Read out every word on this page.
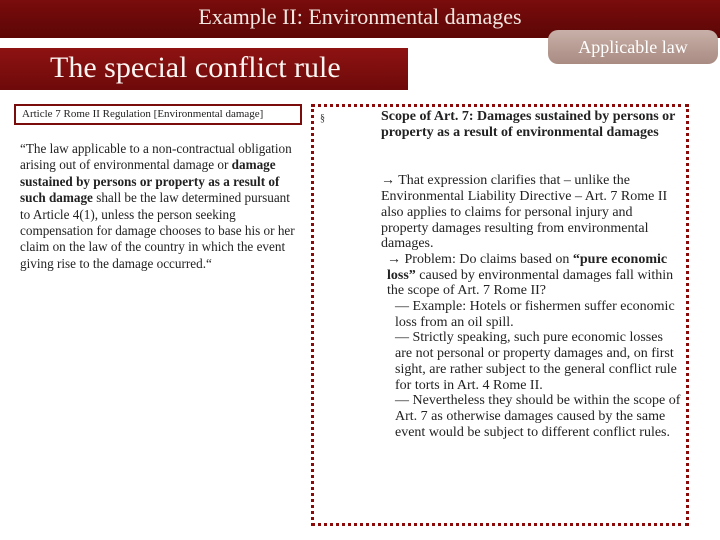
Example II: Environmental damages
Applicable law
The special conflict rule
Article 7 Rome II Regulation [Environmental damage]
“The law applicable to a non-contractual obligation arising out of environmental damage or damage sustained by persons or property as a result of such damage shall be the law determined pursuant to Article 4(1), unless the person seeking compensation for damage chooses to base his or her claim on the law of the country in which the event giving rise to the damage occurred.“
§	Scope of Art. 7: Damages sustained by persons or property as a result of environmental damages

→ That expression clarifies that – unlike the Environmental Liability Directive – Art. 7 Rome II also applies to claims for personal injury and property damages resulting from environmental damages.

→ Problem: Do claims based on “pure economic loss” caused by environmental damages fall within the scope of Art. 7 Rome II?

— Example: Hotels or fishermen suffer economic loss from an oil spill.

— Strictly speaking, such pure economic losses are not personal or property damages and, on first sight, are rather subject to the general conflict rule for torts in Art. 4 Rome II.

— Nevertheless they should be within the scope of Art. 7 as otherwise damages caused by the same event would be subject to different conflict rules.
